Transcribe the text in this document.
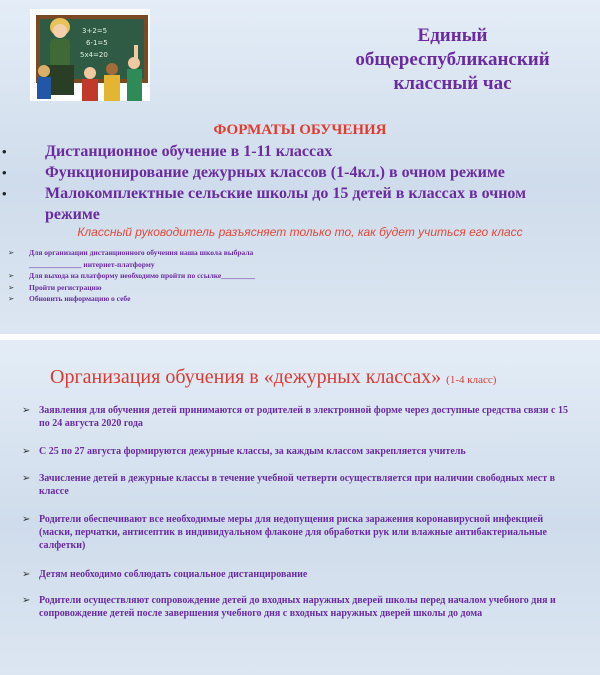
3+2=5
6-1=5
5x4=20
Единый
общереспубликанский
классный час
ФОРМАТЫ ОБУЧЕНИЯ
• Дистанционное обучение в 1-11 классах
• Функционирование дежурных классов (1-4кл.) в очном режиме
• Малокомплектные сельские школы до 15 детей в классах в очном режиме
Классный руководитель разъясняет только то, как будет учиться его класс
➢ Для организации дистанционного обучения наша школа выбрала
______________ интернет-платформу
➢ Для выхода на платформу необходимо пройти по ссылке_________
➢ Пройти регистрацию
➢ Обновить информацию о себе
Организация обучения в «дежурных классах» (1-4 класс)
➢ Заявления для обучения детей принимаются от родителей в электронной форме через доступные средства связи с 15 по 24 августа 2020 года
➢ С 25 по 27 августа формируются дежурные классы, за каждым классом закрепляется учитель
➢ Зачисление детей в дежурные классы в течение учебной четверти осуществляется при наличии свободных мест в классе
➢ Родители обеспечивают все необходимые меры для недопущения риска заражения коронавирусной инфекцией (маски, перчатки, антисептик в индивидуальном флаконе для обработки рук или влажные антибактериальные салфетки)
➢ Детям необходимо соблюдать социальное дистанцирование
➢ Родители осуществляют сопровождение детей до входных наружных дверей школы перед началом учебного дня и сопровождение детей после завершения учебного дня с входных наружных дверей школы до дома
